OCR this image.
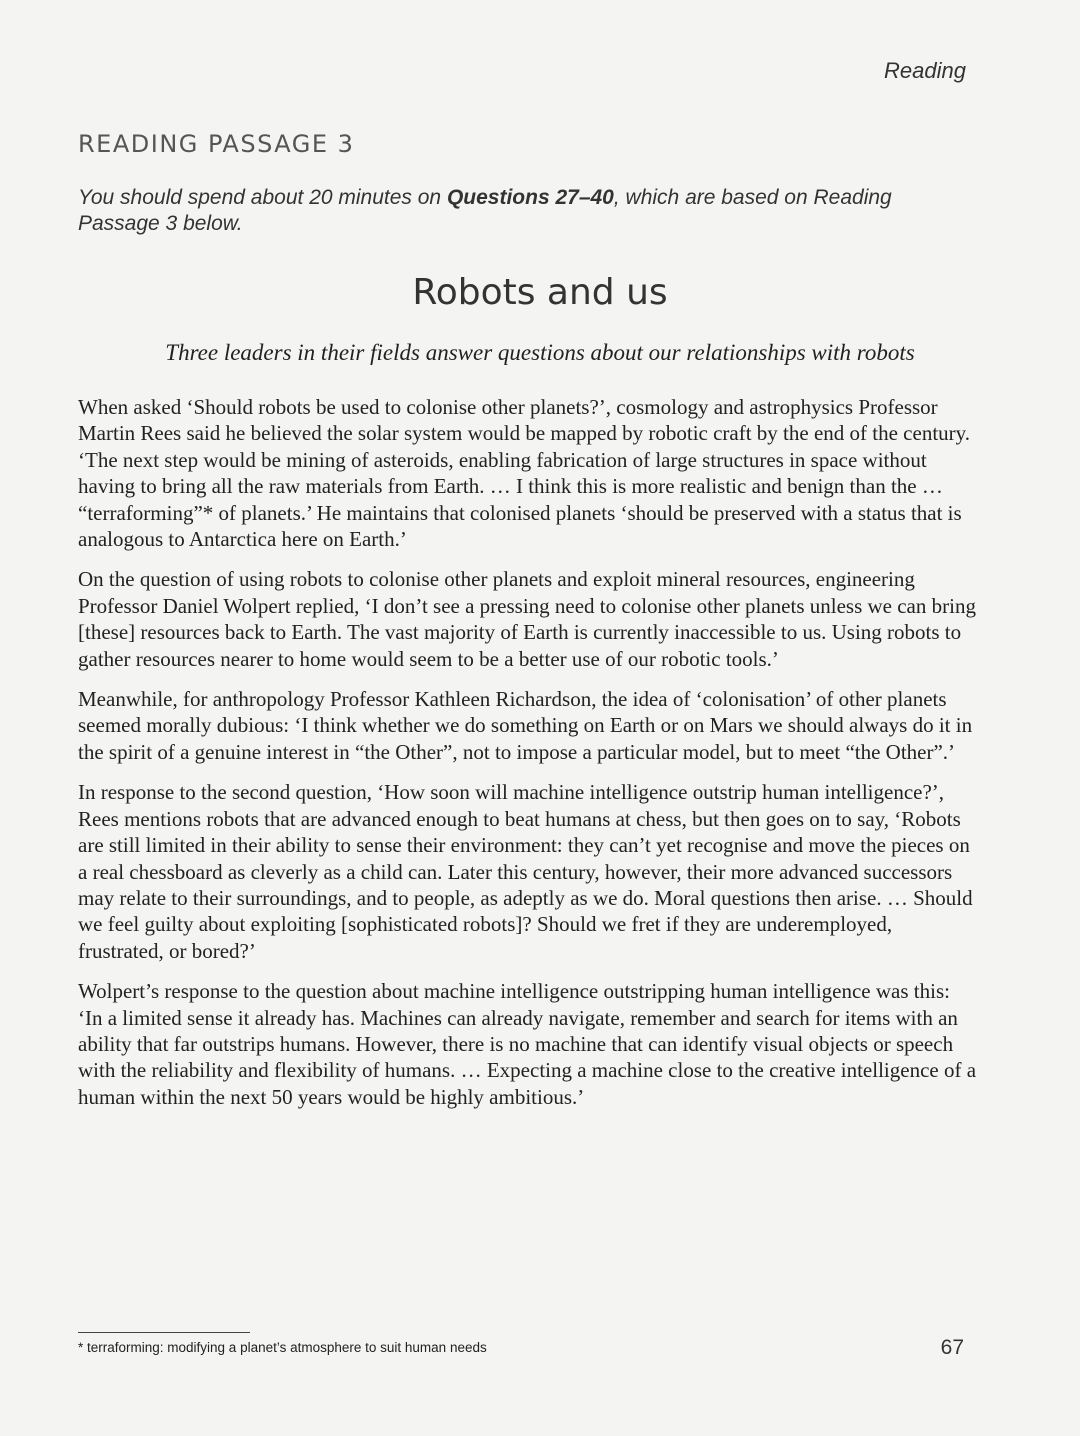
Reading
READING PASSAGE 3
You should spend about 20 minutes on Questions 27–40, which are based on Reading Passage 3 below.
Robots and us

Three leaders in their fields answer questions about our relationships with robots

When asked ‘Should robots be used to colonise other planets?’, cosmology and astrophysics Professor Martin Rees said he believed the solar system would be mapped by robotic craft by the end of the century. ‘The next step would be mining of asteroids, enabling fabrication of large structures in space without having to bring all the raw materials from Earth. … I think this is more realistic and benign than the … “terraforming”* of planets.’ He maintains that colonised planets ‘should be preserved with a status that is analogous to Antarctica here on Earth.’

On the question of using robots to colonise other planets and exploit mineral resources, engineering Professor Daniel Wolpert replied, ‘I don’t see a pressing need to colonise other planets unless we can bring [these] resources back to Earth. The vast majority of Earth is currently inaccessible to us. Using robots to gather resources nearer to home would seem to be a better use of our robotic tools.’

Meanwhile, for anthropology Professor Kathleen Richardson, the idea of ‘colonisation’ of other planets seemed morally dubious: ‘I think whether we do something on Earth or on Mars we should always do it in the spirit of a genuine interest in “the Other”, not to impose a particular model, but to meet “the Other”.’

In response to the second question, ‘How soon will machine intelligence outstrip human intelligence?’, Rees mentions robots that are advanced enough to beat humans at chess, but then goes on to say, ‘Robots are still limited in their ability to sense their environment: they can’t yet recognise and move the pieces on a real chessboard as cleverly as a child can. Later this century, however, their more advanced successors may relate to their surroundings, and to people, as adeptly as we do. Moral questions then arise. … Should we feel guilty about exploiting [sophisticated robots]? Should we fret if they are underemployed, frustrated, or bored?’

Wolpert’s response to the question about machine intelligence outstripping human intelligence was this: ‘In a limited sense it already has. Machines can already navigate, remember and search for items with an ability that far outstrips humans. However, there is no machine that can identify visual objects or speech with the reliability and flexibility of humans. … Expecting a machine close to the creative intelligence of a human within the next 50 years would be highly ambitious.’

* terraforming: modifying a planet’s atmosphere to suit human needs	67
